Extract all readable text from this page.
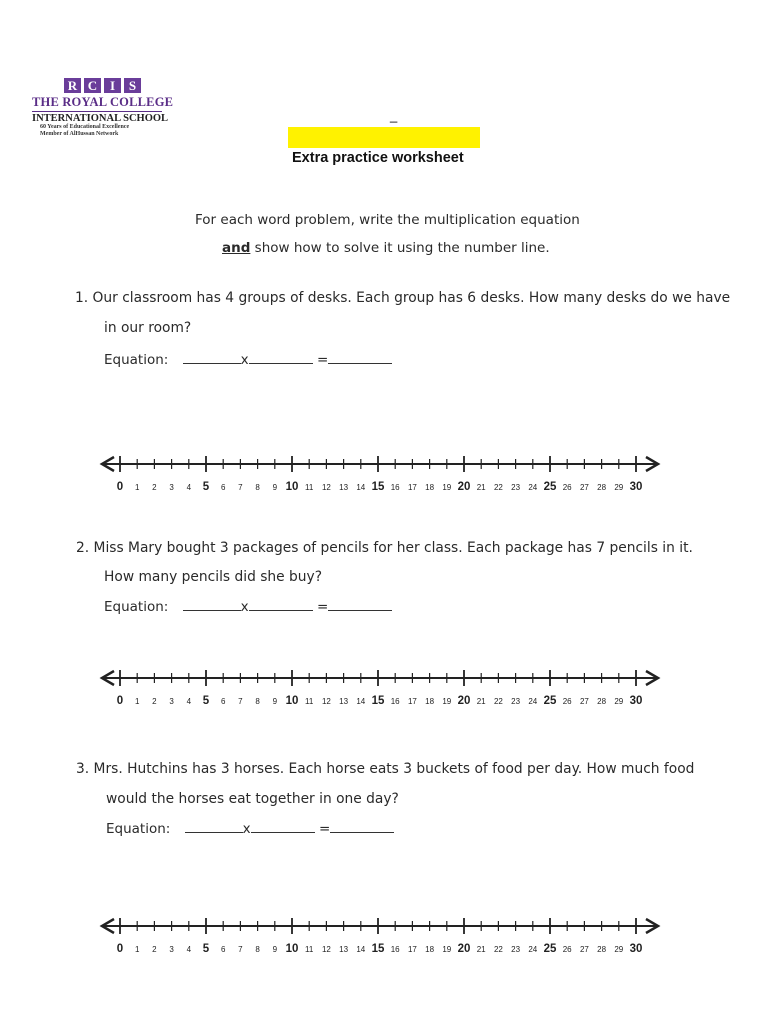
R C I	S
THE ROYAL COLLEGE
INTERNATIONAL SCHOOL
60 Years of Educational Excellence
Member of AlHussan Network
_
Extra practice worksheet
For each word problem, write the multiplication equation
and show how to solve it using the number line.
1. Our classroom has 4 groups of desks. Each group has 6 desks. How many desks do we have
in our room?
Equation:	x	=
0 1 2 3 4 5 6 7 8 9 10 11 12 13 14 15 16 17 18 19 20 21 22 23 24 25 26 27 28 29 30
2. Miss Mary bought 3 packages of pencils for her class. Each package has 7 pencils in it.
How many pencils did she buy?
Equation:	x	=
0 1 2 3 4 5 6 7 8 9 10 11 12 13 14 15 16 17 18 19 20 21 22 23 24 25 26 27 28 29 30
3. Mrs. Hutchins has 3 horses. Each horse eats 3 buckets of food per day. How much food
would the horses eat together in one day?
Equation:	x	=
0 1 2 3 4 5 6 7 8 9 10 11 12 13 14 15 16 17 18 19 20 21 22 23 24 25 26 27 28 29 30
